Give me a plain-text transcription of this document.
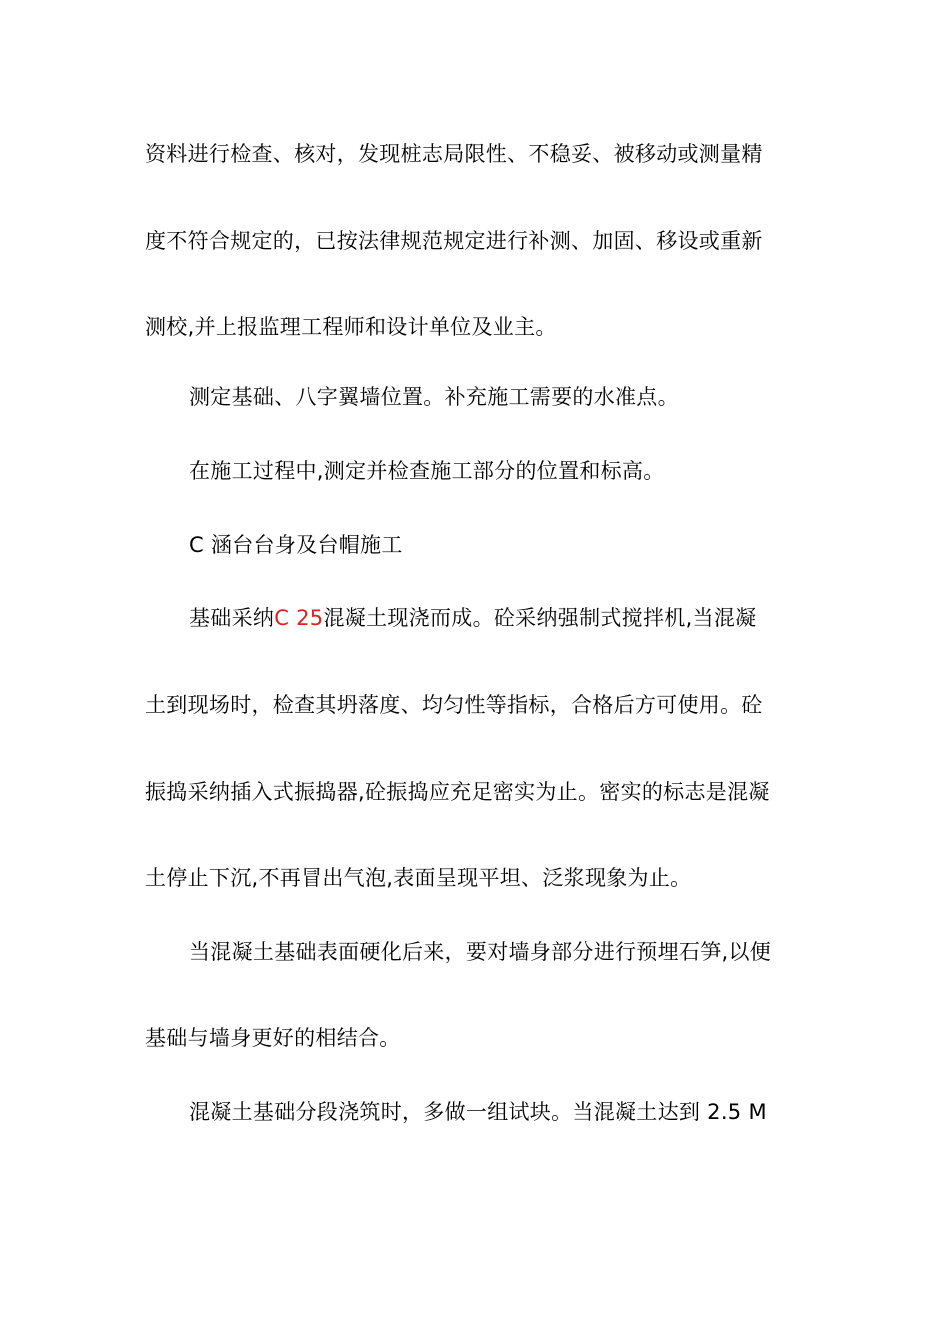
资料进行检查、核对，发现桩志局限性、不稳妥、被移动或测量精
度不符合规定的，已按法律规范规定进行补测、加固、移设或重新
测校,并上报监理工程师和设计单位及业主。
测定基础、八字翼墙位置。补充施工需要的水准点。
在施工过程中,测定并检查施工部分的位置和标高。
C 涵台台身及台帽施工
基础采纳C 25混凝土现浇而成。砼采纳强制式搅拌机,当混凝
土到现场时，检查其坍落度、均匀性等指标，合格后方可使用。砼
振捣采纳插入式振捣器,砼振捣应充足密实为止。密实的标志是混凝
土停止下沉,不再冒出气泡,表面呈现平坦、泛浆现象为止。
当混凝土基础表面硬化后来，要对墙身部分进行预埋石笋,以便
基础与墙身更好的相结合。
混凝土基础分段浇筑时，多做一组试块。当混凝土达到 2.5 M
